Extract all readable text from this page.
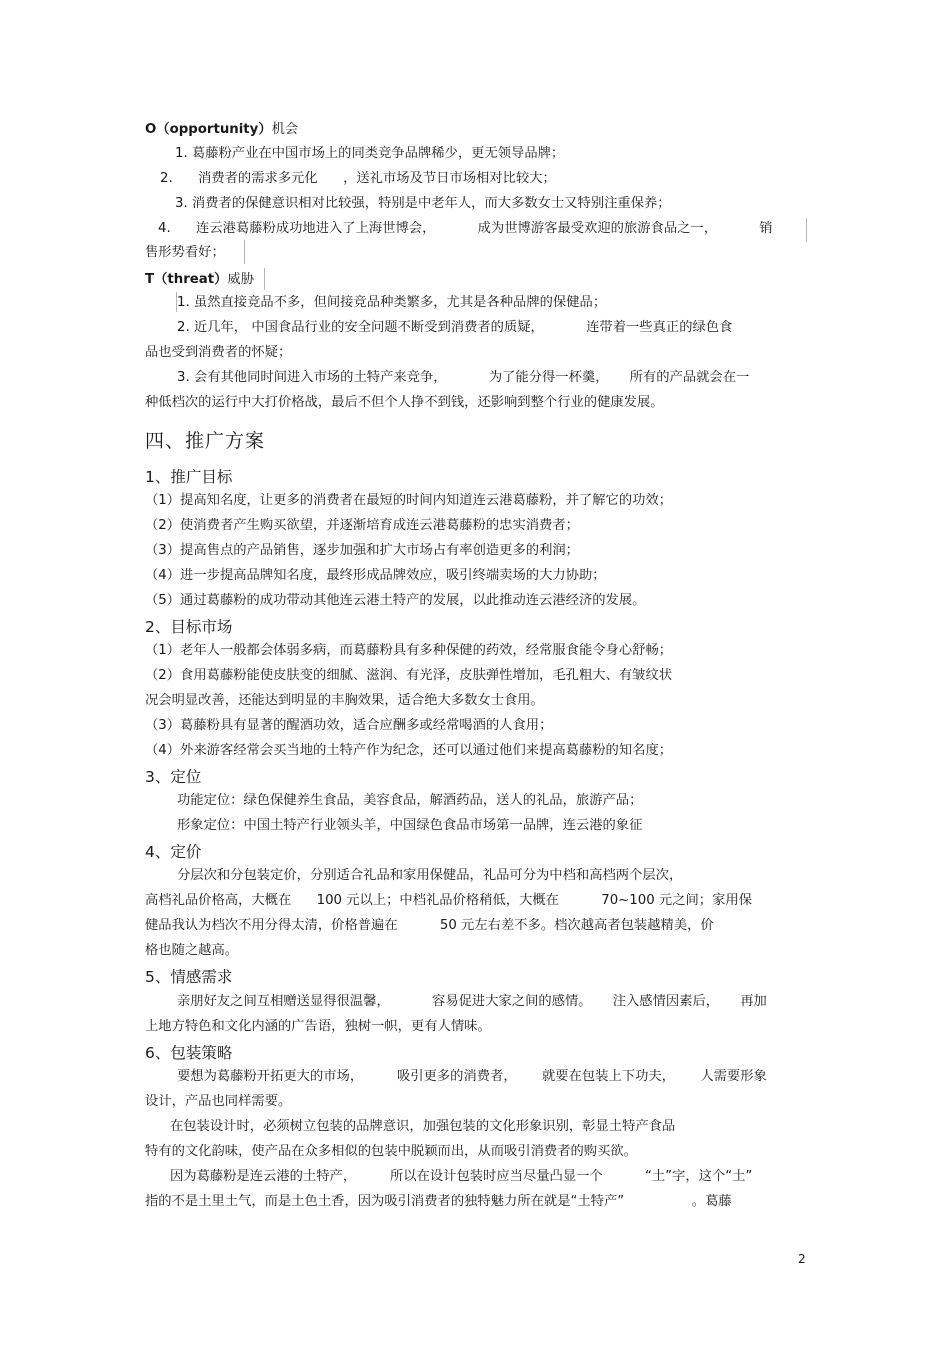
O（opportunity）机会
1. 葛藤粉产业在中国市场上的同类竞争品牌稀少，更无领导品牌；
2.      消费者的需求多元化      ，送礼市场及节日市场相对比较大；
3. 消费者的保健意识相对比较强，特别是中老年人，而大多数女士又特别注重保养；
4.      连云港葛藤粉成功地进入了上海世博会，          成为世博游客最受欢迎的旅游食品之一，          销
售形势看好；
T（threat）威胁
1. 虽然直接竞品不多，但间接竞品种类繁多，尤其是各种品牌的保健品；
2. 近几年， 中国食品行业的安全问题不断受到消费者的质疑，          连带着一些真正的绿色食
品也受到消费者的怀疑；
3. 会有其他同时间进入市场的土特产来竞争，          为了能分得一杯羹，     所有的产品就会在一
种低档次的运行中大打价格战，最后不但个人挣不到钱，还影响到整个行业的健康发展。
四、推广方案
1、推广目标
（1）提高知名度，让更多的消费者在最短的时间内知道连云港葛藤粉，并了解它的功效；
（2）使消费者产生购买欲望，并逐渐培育成连云港葛藤粉的忠实消费者；
（3）提高售点的产品销售，逐步加强和扩大市场占有率创造更多的利润；
（4）进一步提高品牌知名度，最终形成品牌效应，吸引终端卖场的大力协助；
（5）通过葛藤粉的成功带动其他连云港土特产的发展，以此推动连云港经济的发展。
2、目标市场
（1）老年人一般都会体弱多病，而葛藤粉具有多种保健的药效，经常服食能令身心舒畅；
（2）食用葛藤粉能使皮肤变的细腻、滋润、有光泽，皮肤弹性增加，毛孔粗大、有皱纹状
况会明显改善，还能达到明显的丰胸效果，适合绝大多数女士食用。
（3）葛藤粉具有显著的醒酒功效，适合应酬多或经常喝酒的人食用；
（4）外来游客经常会买当地的土特产作为纪念，还可以通过他们来提高葛藤粉的知名度；
3、定位
功能定位：绿色保健养生食品，美容食品，解酒药品，送人的礼品，旅游产品；
形象定位：中国土特产行业领头羊，中国绿色食品市场第一品牌，连云港的象征
4、定价
分层次和分包装定价，分别适合礼品和家用保健品，礼品可分为中档和高档两个层次，
高档礼品价格高，大概在      100 元以上；中档礼品价格稍低，大概在          70~100 元之间；家用保
健品我认为档次不用分得太清，价格普遍在          50 元左右差不多。档次越高者包装越精美，价
格也随之越高。
5、情感需求
亲朋好友之间互相赠送显得很温馨，          容易促进大家之间的感情。     注入感情因素后，     再加
上地方特色和文化内涵的广告语，独树一帜，更有人情味。
6、包装策略
要想为葛藤粉开拓更大的市场，        吸引更多的消费者，      就要在包装上下功夫，      人需要形象
设计，产品也同样需要。
在包装设计时，必须树立包装的品牌意识，加强包装的文化形象识别，彰显土特产食品
特有的文化韵味，使产品在众多相似的包装中脱颖而出，从而吸引消费者的购买欲。
因为葛藤粉是连云港的土特产，        所以在设计包装时应当尽量凸显一个          “土”字，这个“土”
指的不是土里土气，而是土色土香，因为吸引消费者的独特魅力所在就是“土特产”                。葛藤
2
